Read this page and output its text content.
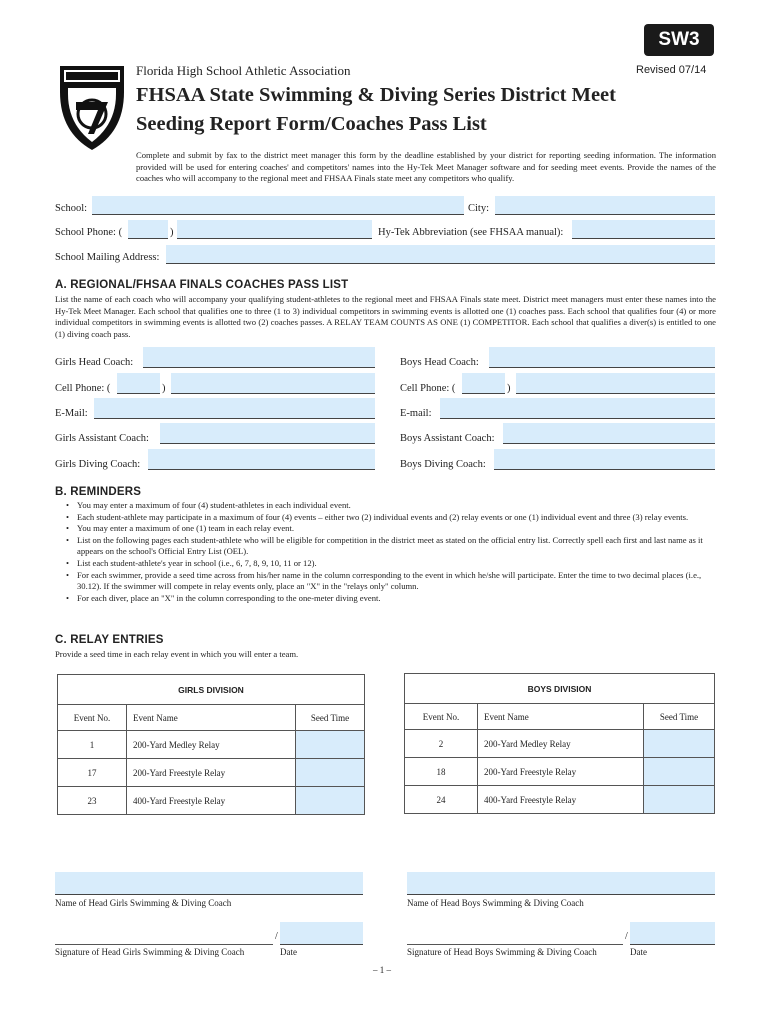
SW3
Florida High School Athletic Association	Revised 07/14
FHSAA State Swimming & Diving Series District Meet
Seeding Report Form/Coaches Pass List
Complete and submit by fax to the district meet manager this form by the deadline established by your district for reporting seeding information. The information provided will be used for entering coaches' and competitors' names into the Hy-Tek Meet Manager software and for seeding meet events. Provide the names of the coaches who will accompany to the regional meet and FHSAA Finals state meet any competitors who qualify.
School:	City:
School Phone: (	)	Hy-Tek Abbreviation (see FHSAA manual):
School Mailing Address:
A. REGIONAL/FHSAA FINALS COACHES PASS LIST
List the name of each coach who will accompany your qualifying student-athletes to the regional meet and FHSAA Finals state meet. District meet managers must enter these names into the Hy-Tek Meet Manager. Each school that qualifies one to three (1 to 3) individual competitors in swimming events is allotted one (1) coaches pass. Each school that qualifies four (4) or more individual competitors in swimming events is allotted two (2) coaches passes. A RELAY TEAM COUNTS AS ONE (1) COMPETITOR. Each school that qualifies a diver(s) is entitled to one (1) diving coach pass.
Girls Head Coach:	Boys Head Coach:
Cell Phone: (	)	Cell Phone: (	)
E-Mail:	E-mail:
Girls Assistant Coach:	Boys Assistant Coach:
Girls Diving Coach:	Boys Diving Coach:
B. REMINDERS
• You may enter a maximum of four (4) student-athletes in each individual event.
• Each student-athlete may participate in a maximum of four (4) events – either two (2) individual events and (2) relay events or one (1) individual event and three (3) relay events.
• You may enter a maximum of one (1) team in each relay event.
• List on the following pages each student-athlete who will be eligible for competition in the district meet as stated on the official entry list. Correctly spell each first and last name as it appears on the school's Official Entry List (OEL).
• List each student-athlete's year in school (i.e., 6, 7, 8, 9, 10, 11 or 12).
• For each swimmer, provide a seed time across from his/her name in the column corresponding to the event in which he/she will participate. Enter the time to two decimal places (i.e., 30.12). If the swimmer will compete in relay events only, place an "X" in the "relays only" column.
• For each diver, place an "X" in the column corresponding to the one-meter diving event.
C. RELAY ENTRIES
Provide a seed time in each relay event in which you will enter a team.
GIRLS DIVISION		
Event No.	Event Name	Seed Time
1	200-Yard Medley Relay	
17	200-Yard Freestyle Relay	
23	400-Yard Freestyle Relay	
BOYS DIVISION		
Event No.	Event Name	Seed Time
2	200-Yard Medley Relay	
18	200-Yard Freestyle Relay	
24	400-Yard Freestyle Relay	
Name of Head Girls Swimming & Diving Coach	Name of Head Boys Swimming & Diving Coach
/
Signature of Head Girls Swimming & Diving Coach	Date
/
Signature of Head Boys Swimming & Diving Coach	Date
– 1 –
